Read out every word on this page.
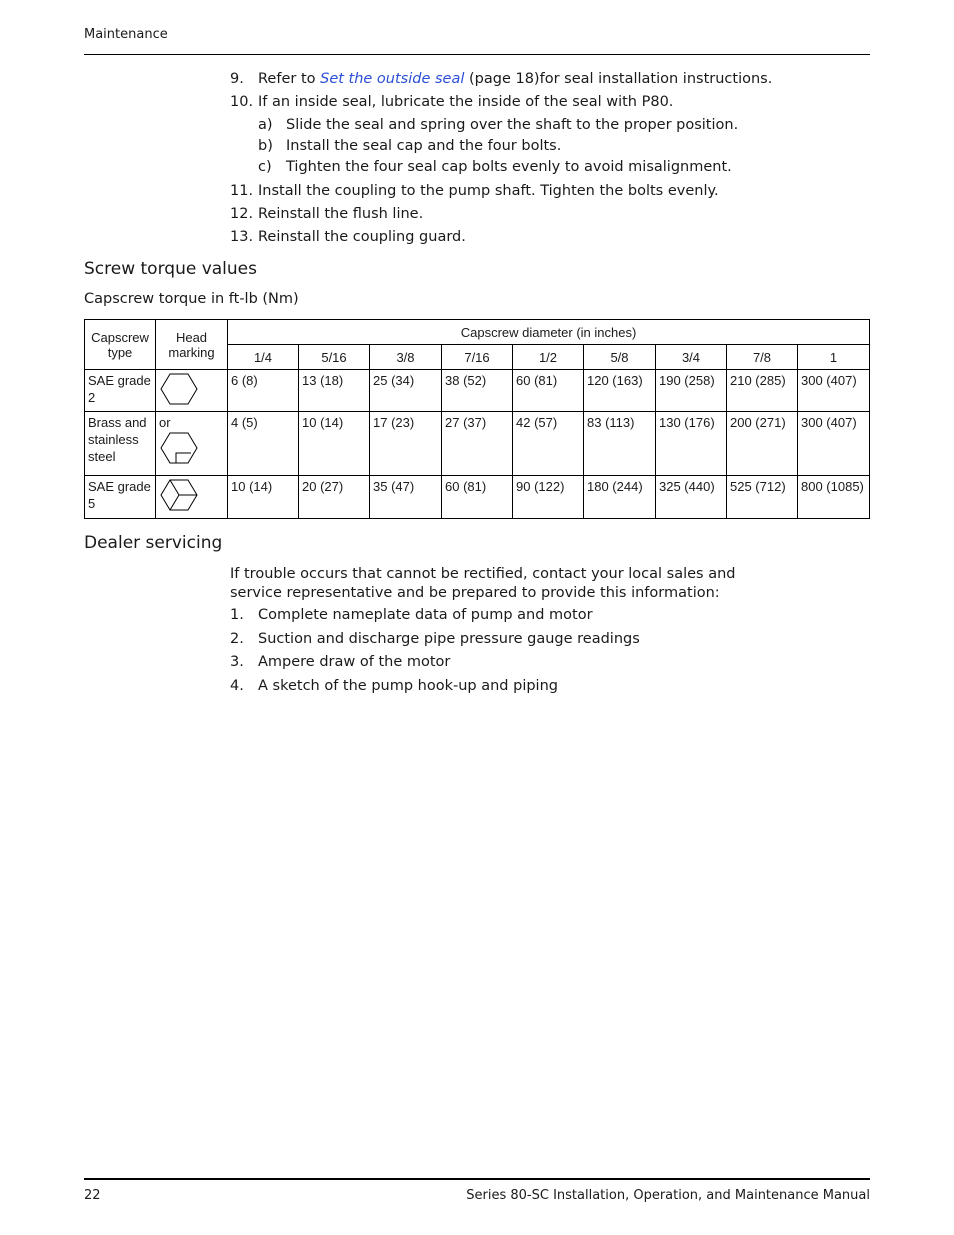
Maintenance
9. Refer to Set the outside seal (page 18)for seal installation instructions.
10. If an inside seal, lubricate the inside of the seal with P80.
a) Slide the seal and spring over the shaft to the proper position.
b) Install the seal cap and the four bolts.
c) Tighten the four seal cap bolts evenly to avoid misalignment.
11. Install the coupling to the pump shaft. Tighten the bolts evenly.
12. Reinstall the flush line.
13. Reinstall the coupling guard.
Screw torque values
Capscrew torque in ft-lb (Nm)
Capscrew type	Head marking	Capscrew diameter (in inches)								
		1/4	5/16	3/8	7/16	1/2	5/8	3/4	7/8	1
SAE grade 2		6 (8)	13 (18)	25 (34)	38 (52)	60 (81)	120 (163)	190 (258)	210 (285)	300 (407)
Brass and stainless steel	or	4 (5)	10 (14)	17 (23)	27 (37)	42 (57)	83 (113)	130 (176)	200 (271)	300 (407)
SAE grade 5		10 (14)	20 (27)	35 (47)	60 (81)	90 (122)	180 (244)	325 (440)	525 (712)	800 (1085)
Dealer servicing
If trouble occurs that cannot be rectified, contact your local sales and service representative and be prepared to provide this information:
1. Complete nameplate data of pump and motor
2. Suction and discharge pipe pressure gauge readings
3. Ampere draw of the motor
4. A sketch of the pump hook-up and piping
22	Series 80-SC Installation, Operation, and Maintenance Manual
